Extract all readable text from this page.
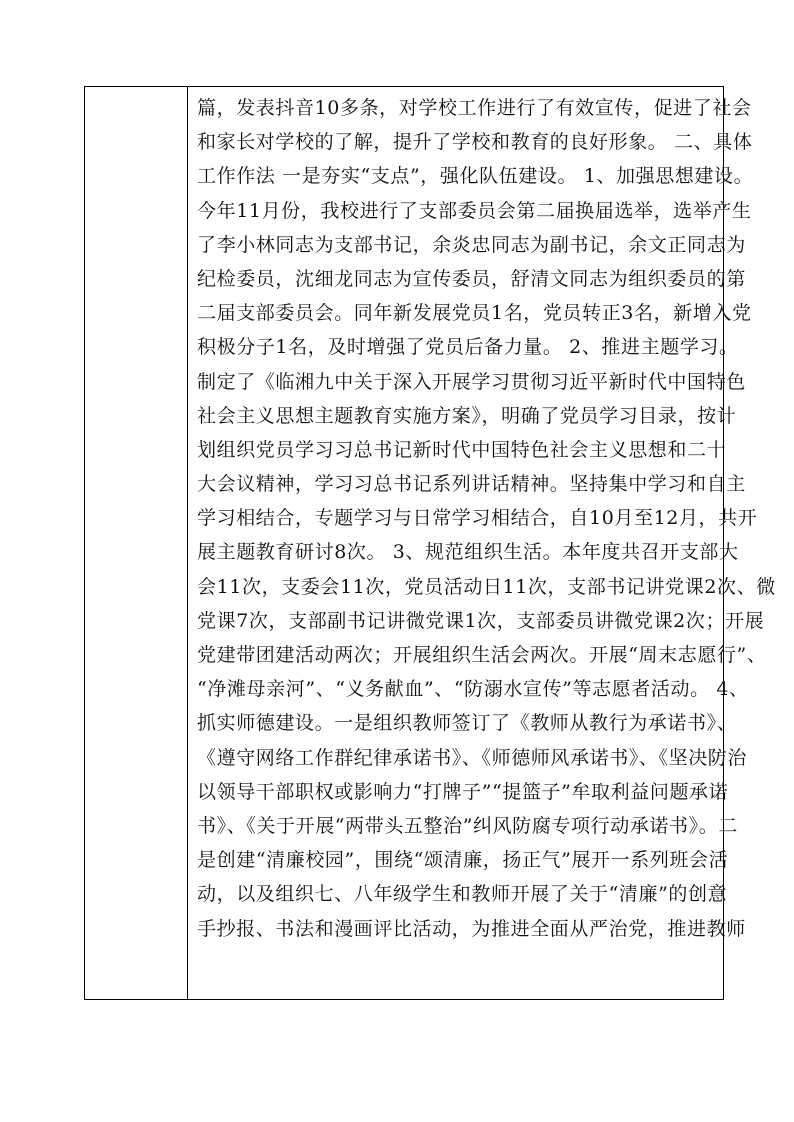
篇，发表抖音10多条，对学校工作进行了有效宣传，促进了社会
和家长对学校的了解，提升了学校和教育的良好形象。 二、具体
工作作法 一是夯实“支点”，强化队伍建设。 1、加强思想建设。
今年11月份，我校进行了支部委员会第二届换届选举，选举产生
了李小林同志为支部书记，余炎忠同志为副书记，余文正同志为
纪检委员，沈细龙同志为宣传委员，舒清文同志为组织委员的第
二届支部委员会。同年新发展党员1名，党员转正3名，新增入党
积极分子1名，及时增强了党员后备力量。 2、推进主题学习。
制定了《临湘九中关于深入开展学习贯彻习近平新时代中国特色
社会主义思想主题教育实施方案》，明确了党员学习目录，按计
划组织党员学习习总书记新时代中国特色社会主义思想和二十
大会议精神，学习习总书记系列讲话精神。坚持集中学习和自主
学习相结合，专题学习与日常学习相结合，自10月至12月，共开
展主题教育研讨8次。 3、规范组织生活。本年度共召开支部大
会11次，支委会11次，党员活动日11次，支部书记讲党课2次、微
党课7次，支部副书记讲微党课1次，支部委员讲微党课2次；开展
党建带团建活动两次；开展组织生活会两次。开展“周末志愿行”、
“净滩母亲河”、“义务献血”、“防溺水宣传”等志愿者活动。 4、
抓实师德建设。一是组织教师签订了《教师从教行为承诺书》、
《遵守网络工作群纪律承诺书》、《师德师风承诺书》、《坚决防治
以领导干部职权或影响力“打牌子”“提篮子”牟取利益问题承诺
书》、《关于开展“两带头五整治”纠风防腐专项行动承诺书》。二
是创建“清廉校园”，围绕“颂清廉，扬正气”展开一系列班会活
动，以及组织七、八年级学生和教师开展了关于“清廉”的创意
手抄报、书法和漫画评比活动，为推进全面从严治党，推进教师
